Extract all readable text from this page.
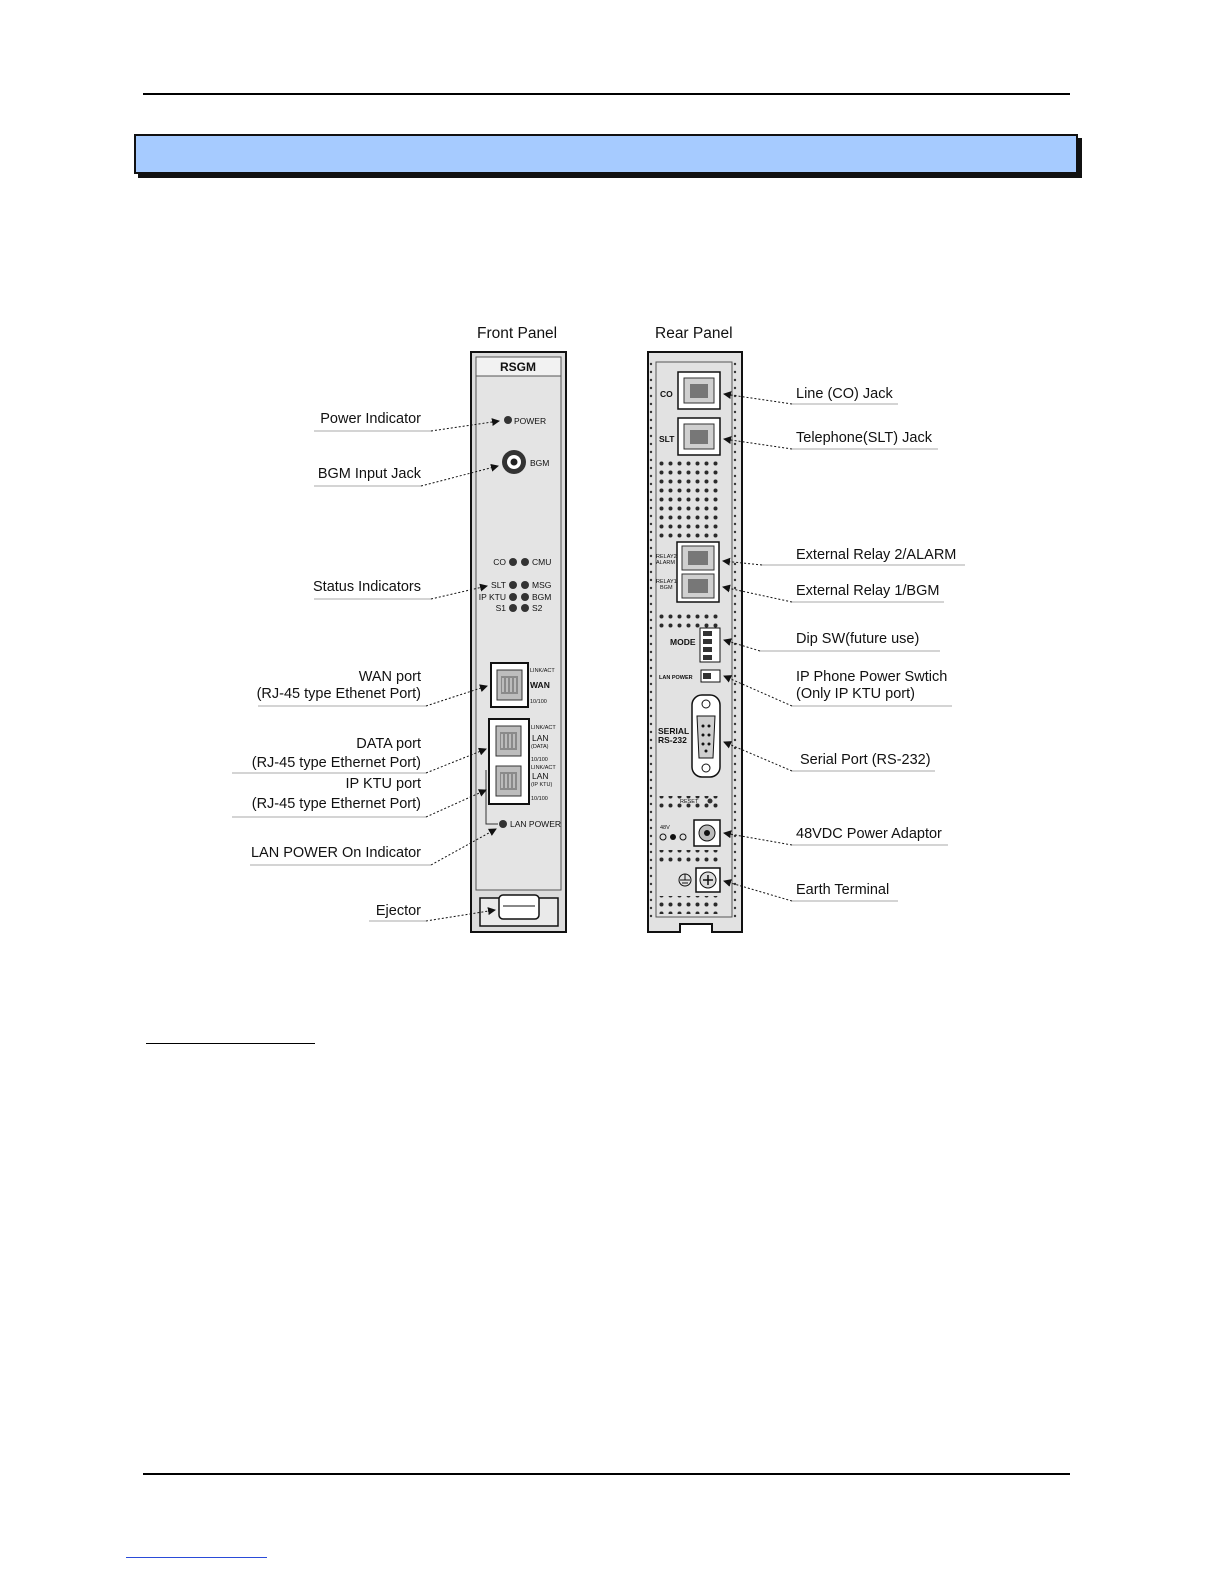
Front Panel	Rear Panel
RSGM
POWER
BGM
CO	CMU
SLT	MSG
IP KTU	BGM
S1	S2
LINK/ACT
WAN
10/100
LINK/ACT
LAN
(DATA)
10/100
LINK/ACT
LAN
(IP KTU)
10/100
LAN POWER
CO
SLT
RELAY2
ALARM
RELAY1
BGM
MODE
LAN POWER
SERIAL
RS-232
RESET
48V
Power Indicator
BGM Input Jack
Status Indicators
WAN port
(RJ-45 type Ethenet Port)
DATA port
(RJ-45 type Ethernet Port)
IP KTU port
(RJ-45 type Ethernet Port)
LAN POWER On Indicator
Ejector
Line (CO) Jack
Telephone(SLT) Jack
External Relay 2/ALARM
External Relay 1/BGM
Dip SW(future use)
IP Phone Power Swtich
(Only IP KTU port)
Serial Port (RS-232)
48VDC Power Adaptor
Earth Terminal
